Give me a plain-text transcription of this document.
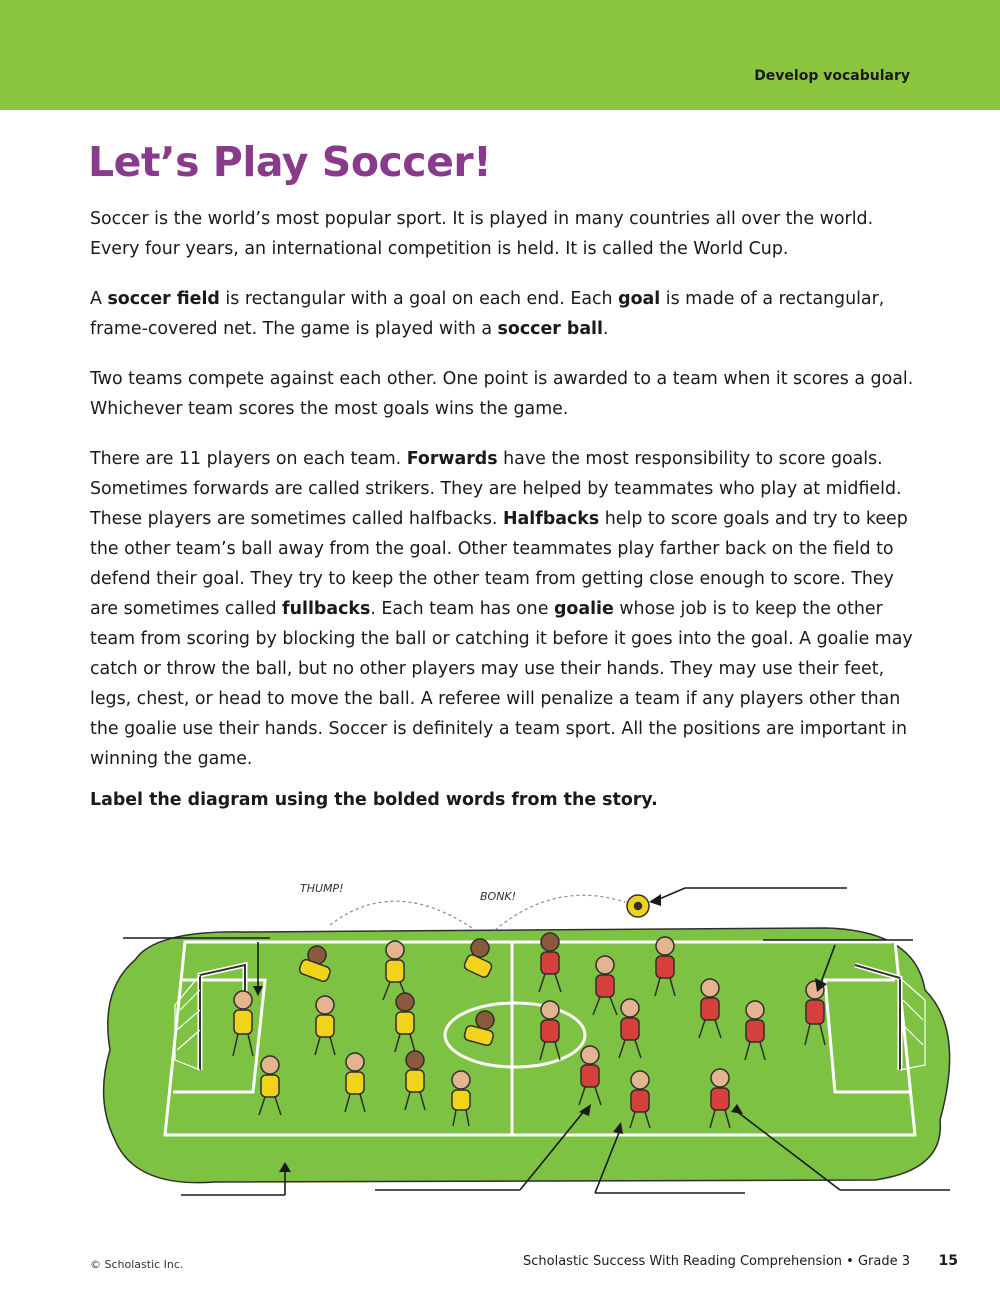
Develop vocabulary
Let’s Play Soccer!

Soccer is the world’s most popular sport. It is played in many countries all over the world. Every four years, an international competition is held. It is called the World Cup.

A soccer field is rectangular with a goal on each end. Each goal is made of a rectangular, frame-covered net. The game is played with a soccer ball.

Two teams compete against each other. One point is awarded to a team when it scores a goal. Whichever team scores the most goals wins the game.

There are 11 players on each team. Forwards have the most responsibility to score goals. Sometimes forwards are called strikers. They are helped by teammates who play at midfield. These players are sometimes called halfbacks. Halfbacks help to score goals and try to keep the other team’s ball away from the goal. Other teammates play farther back on the field to defend their goal. They try to keep the other team from getting close enough to score. They are sometimes called fullbacks. Each team has one goalie whose job is to keep the other team from scoring by blocking the ball or catching it before it goes into the goal. A goalie may catch or throw the ball, but no other players may use their hands. They may use their feet, legs, chest, or head to move the ball. A referee will penalize a team if any players other than the goalie use their hands. Soccer is definitely a team sport. All the positions are important in winning the game.

Label the diagram using the bolded words from the story.

THUMP!
BONK!
© Scholastic Inc.	Scholastic Success With Reading Comprehension • Grade 3 15
